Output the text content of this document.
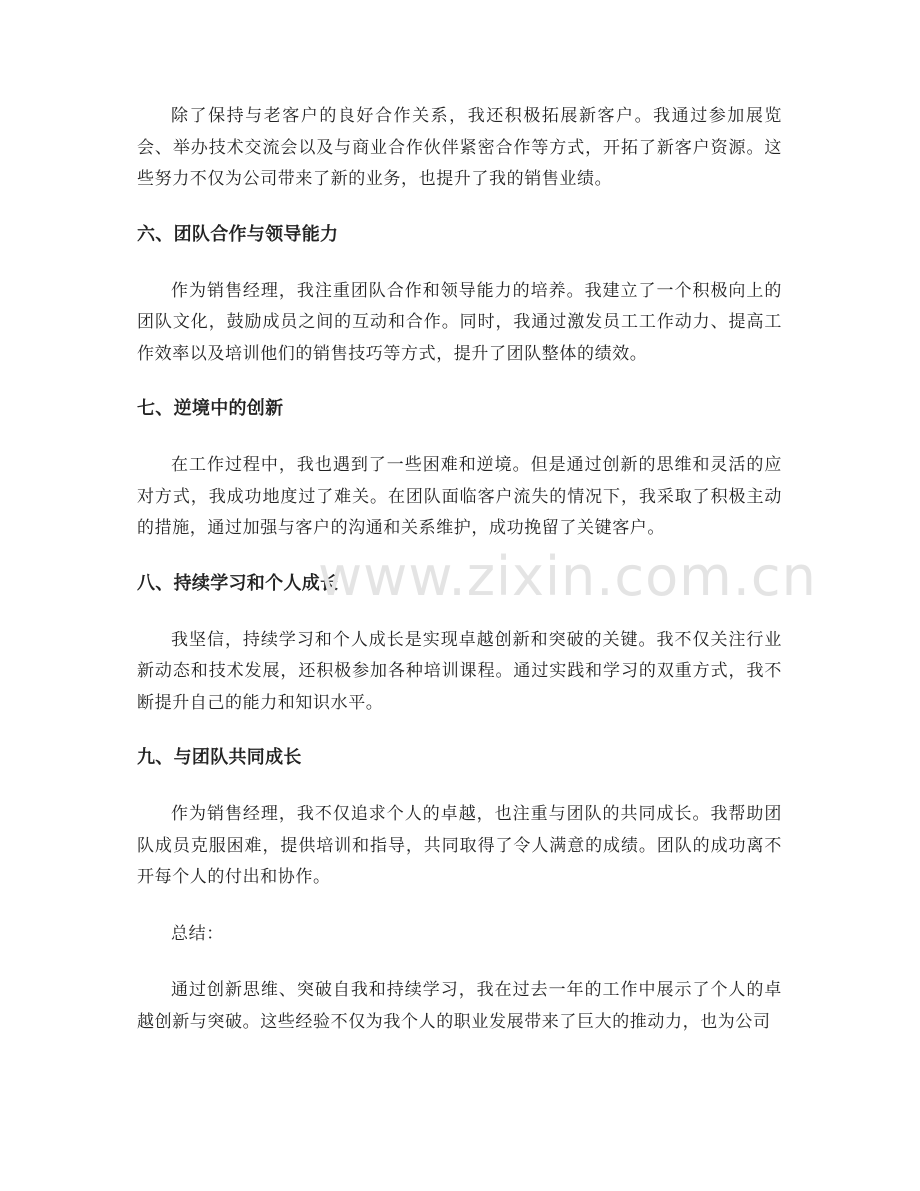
除了保持与老客户的良好合作关系，我还积极拓展新客户。我通过参加展览会、举办技术交流会以及与商业合作伙伴紧密合作等方式，开拓了新客户资源。这些努力不仅为公司带来了新的业务，也提升了我的销售业绩。

六、团队合作与领导能力

作为销售经理，我注重团队合作和领导能力的培养。我建立了一个积极向上的团队文化，鼓励成员之间的互动和合作。同时，我通过激发员工工作动力、提高工作效率以及培训他们的销售技巧等方式，提升了团队整体的绩效。

七、逆境中的创新

在工作过程中，我也遇到了一些困难和逆境。但是通过创新的思维和灵活的应对方式，我成功地度过了难关。在团队面临客户流失的情况下，我采取了积极主动的措施，通过加强与客户的沟通和关系维护，成功挽留了关键客户。

八、持续学习和个人成长

我坚信，持续学习和个人成长是实现卓越创新和突破的关键。我不仅关注行业新动态和技术发展，还积极参加各种培训课程。通过实践和学习的双重方式，我不断提升自己的能力和知识水平。

九、与团队共同成长

作为销售经理，我不仅追求个人的卓越，也注重与团队的共同成长。我帮助团队成员克服困难，提供培训和指导，共同取得了令人满意的成绩。团队的成功离不开每个人的付出和协作。

总结：

通过创新思维、突破自我和持续学习，我在过去一年的工作中展示了个人的卓越创新与突破。这些经验不仅为我个人的职业发展带来了巨大的推动力，也为公司

www.zixin.com.cn
